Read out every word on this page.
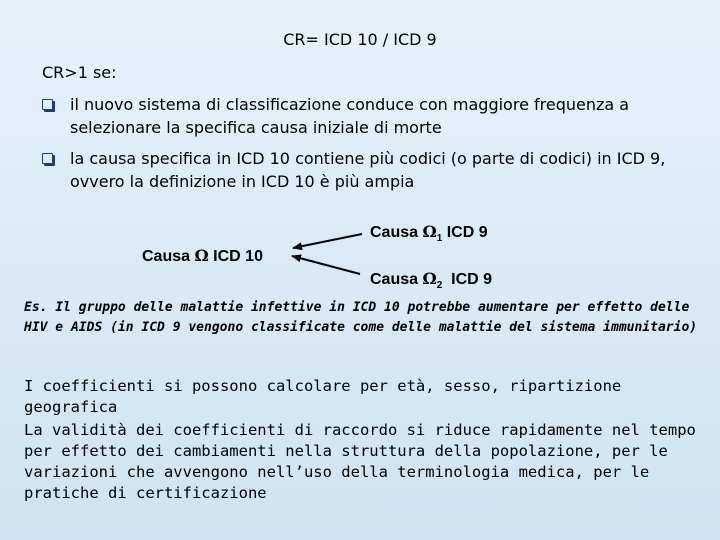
CR= ICD 10 / ICD 9
CR>1 se:
il nuovo sistema di classificazione conduce con maggiore frequenza a selezionare la specifica causa iniziale di morte
la causa specifica in ICD 10 contiene più codici (o parte di codici) in ICD 9, ovvero la definizione in ICD 10 è più ampia
Causa Ω ICD 10
Causa $\Omega_1$ ICD 9
Causa $\Omega_2$  ICD 9
Es. Il gruppo delle malattie infettive in ICD 10 potrebbe aumentare per effetto delle HIV e AIDS (in ICD 9 vengono classificate come delle malattie del sistema immunitario)
I coefficienti si possono calcolare per età, sesso, ripartizione geografica
La validità dei coefficienti di raccordo si riduce rapidamente nel tempo per effetto dei cambiamenti nella struttura della popolazione, per le variazioni che avvengono nell’uso della terminologia medica, per le pratiche di certificazione
